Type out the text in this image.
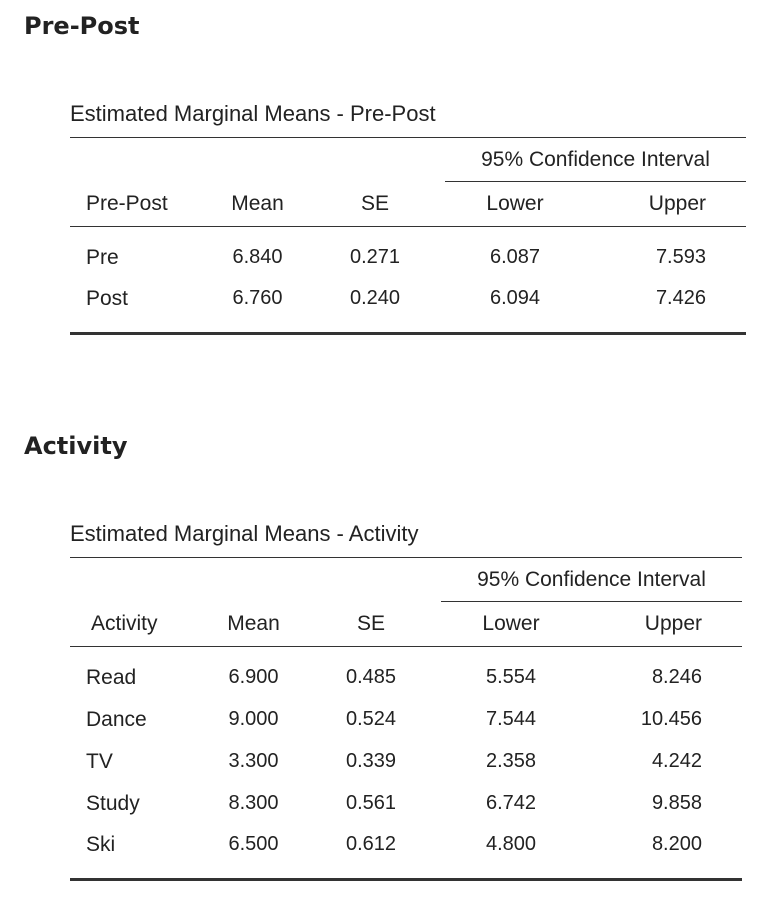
Pre-Post
Estimated Marginal Means - Pre-Post
			95% Confidence Interval	
Pre-Post	Mean	SE	Lower	Upper
Pre	6.840	0.271	6.087	7.593
Post	6.760	0.240	6.094	7.426
Activity
Estimated Marginal Means - Activity
			95% Confidence Interval	
Activity	Mean	SE	Lower	Upper
Read	6.900	0.485	5.554	8.246
Dance	9.000	0.524	7.544	10.456
TV	3.300	0.339	2.358	4.242
Study	8.300	0.561	6.742	9.858
Ski	6.500	0.612	4.800	8.200
